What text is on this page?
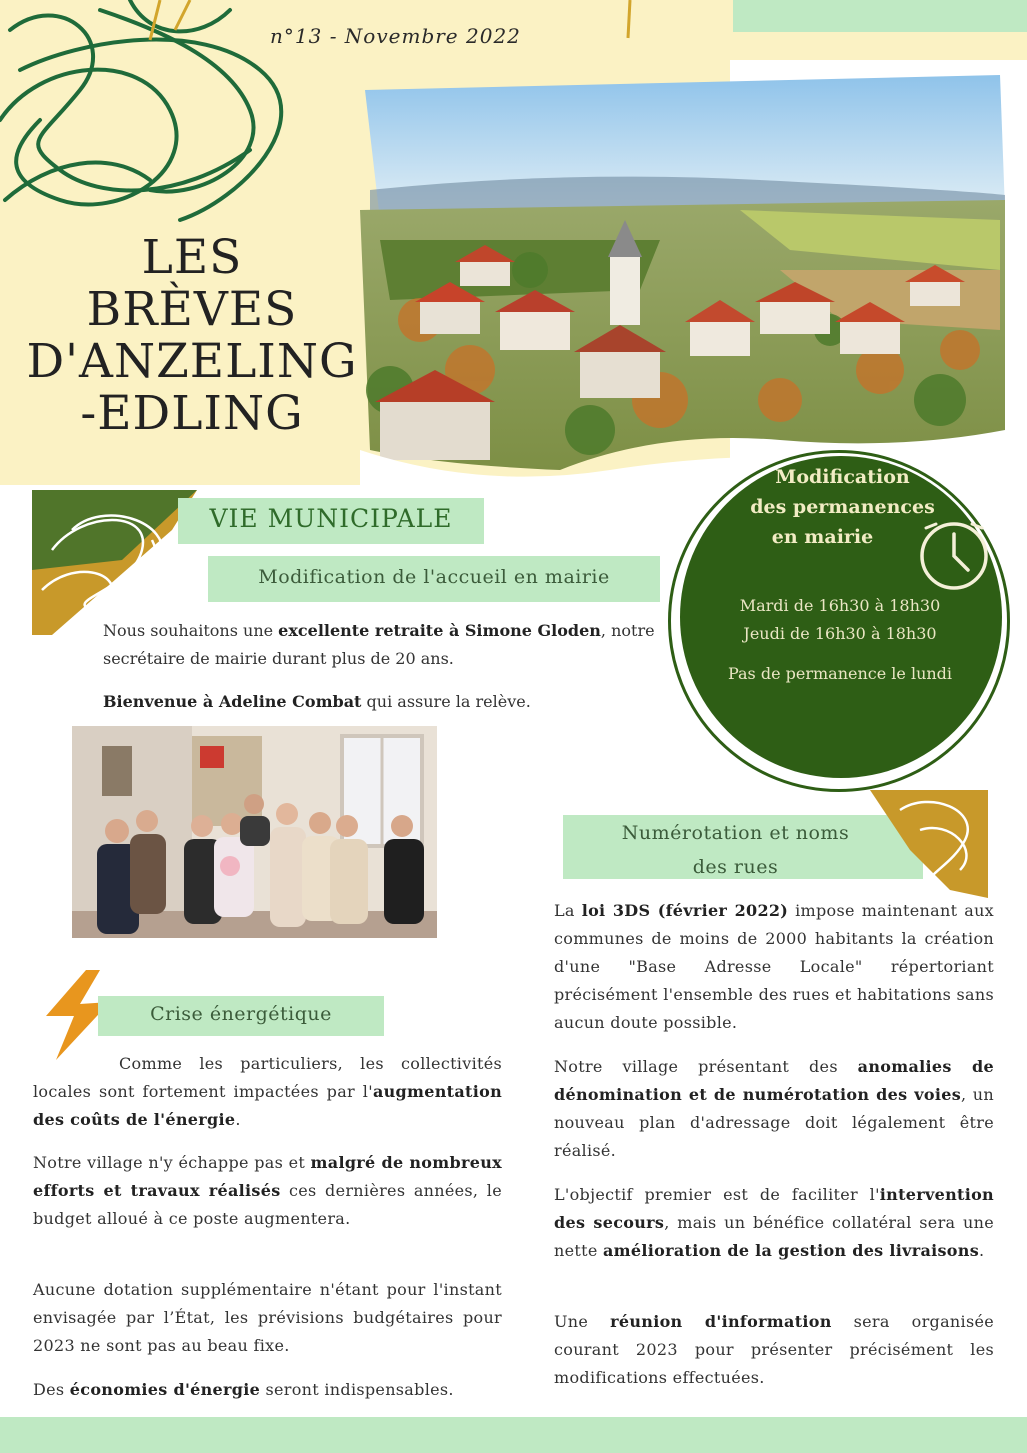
n°13 - Novembre 2022
LES
BRÈVES
D'ANZELING
-EDLING
Modification
des permanences
en mairie
Mardi de 16h30 à 18h30
Jeudi de 16h30 à 18h30
Pas de permanence le lundi
VIE MUNICIPALE
Modification de l'accueil en mairie

Nous souhaitons une excellente retraite à Simone Gloden, notre secrétaire de mairie durant plus de 20 ans.

Bienvenue à Adeline Combat qui assure la relève.

Crise énergétique

Comme les particuliers, les collectivités locales sont fortement impactées par l'augmentation des coûts de l'énergie.

Notre village n'y échappe pas et malgré de nombreux efforts et travaux réalisés ces dernières années, le budget alloué à ce poste augmentera.

Aucune dotation supplémentaire n'étant pour l'instant envisagée par l’État, les prévisions budgétaires pour 2023 ne sont pas au beau fixe.

Des économies d'énergie seront indispensables.

Numérotation et noms
des rues

La loi 3DS (février 2022) impose maintenant aux communes de moins de 2000 habitants la création d'une "Base Adresse Locale" répertoriant précisément l'ensemble des rues et habitations sans aucun doute possible.

Notre village présentant des anomalies de dénomination et de numérotation des voies, un nouveau plan d'adressage doit légalement être réalisé.

L'objectif premier est de faciliter l'intervention des secours, mais un bénéfice collatéral sera une nette amélioration de la gestion des livraisons.

Une réunion d'information sera organisée courant 2023 pour présenter précisément les modifications effectuées.
